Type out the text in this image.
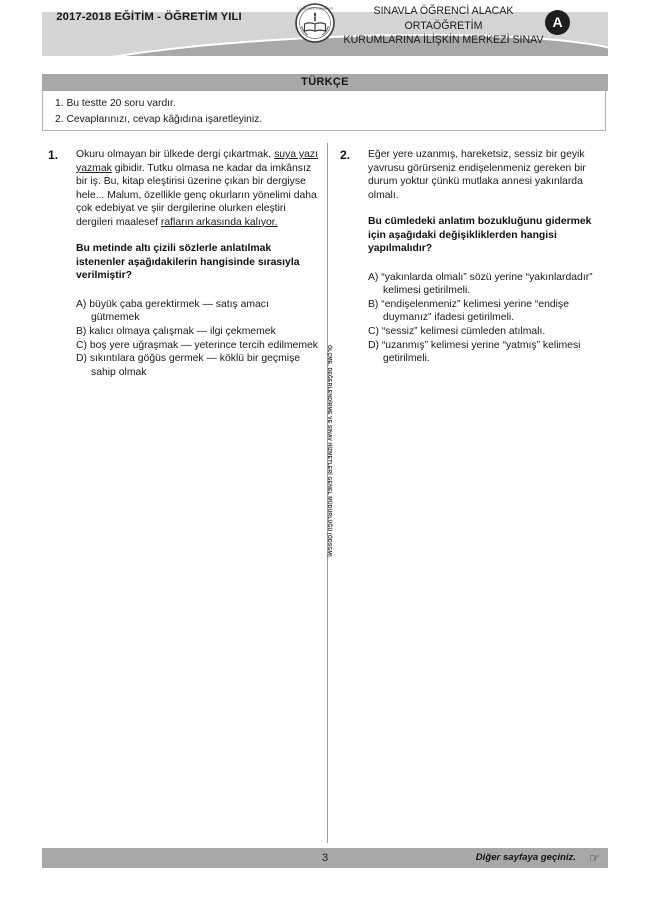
2017-2018 EĞİTİM - ÖĞRETİM YILI
T.C. MİLLÎ EĞİTİM BAKANLIĞI	SINAVLA ÖĞRENCİ ALACAK ORTAÖĞRETİM
KURUMLARINA İLİŞKİN MERKEZİ SINAV
A
TÜRKÇE
1. Bu testte 20 soru vardır.
2. Cevaplarınızı, cevap kâğıdına işaretleyiniz.
ÖLÇME, DEĞERLENDİRME VE SINAV HİZMETLERİ GENEL MÜDÜRLÜĞÜ (ÖDSGM)
1.	Okuru olmayan bir ülkede dergi çıkartmak, suya yazı yazmak gibidir. Tutku olmasa ne kadar da imkânsız bir iş. Bu, kitap eleştirisi üzerine çıkan bir dergiyse hele... Malum, özellikle genç okurların yönelimi daha çok edebiyat ve şiir dergilerine olurken eleştiri dergileri maalesef rafların arkasında kalıyor.

Bu metinde altı çizili sözlerle anlatılmak istenenler aşağıdakilerin hangisinde sırasıyla verilmiştir?

A) büyük çaba gerektirmek — satış amacı gütmemek
B) kalıcı olmaya çalışmak — ilgi çekmemek
C) boş yere uğraşmak — yeterince tercih edilmemek
D) sıkıntılara göğüs germek — köklü bir geçmişe sahip olmak
2.	Eğer yere uzanmış, hareketsiz, sessiz bir geyik yavrusu görürseniz endişelenmeniz gereken bir durum yoktur çünkü mutlaka annesi yakınlarda olmalı.

Bu cümledeki anlatım bozukluğunu gidermek için aşağıdaki değişikliklerden hangisi yapılmalıdır?

A) “yakınlarda olmalı” sözü yerine “yakınlardadır” kelimesi getirilmeli.
B) “endişelenmeniz” kelimesi yerine “endişe duymanız” ifadesi getirilmeli.
C) “sessiz” kelimesi cümleden atılmalı.
D) “uzanmış” kelimesi yerine “yatmış” kelimesi getirilmeli.
3	Diğer sayfaya geçiniz. ☞
